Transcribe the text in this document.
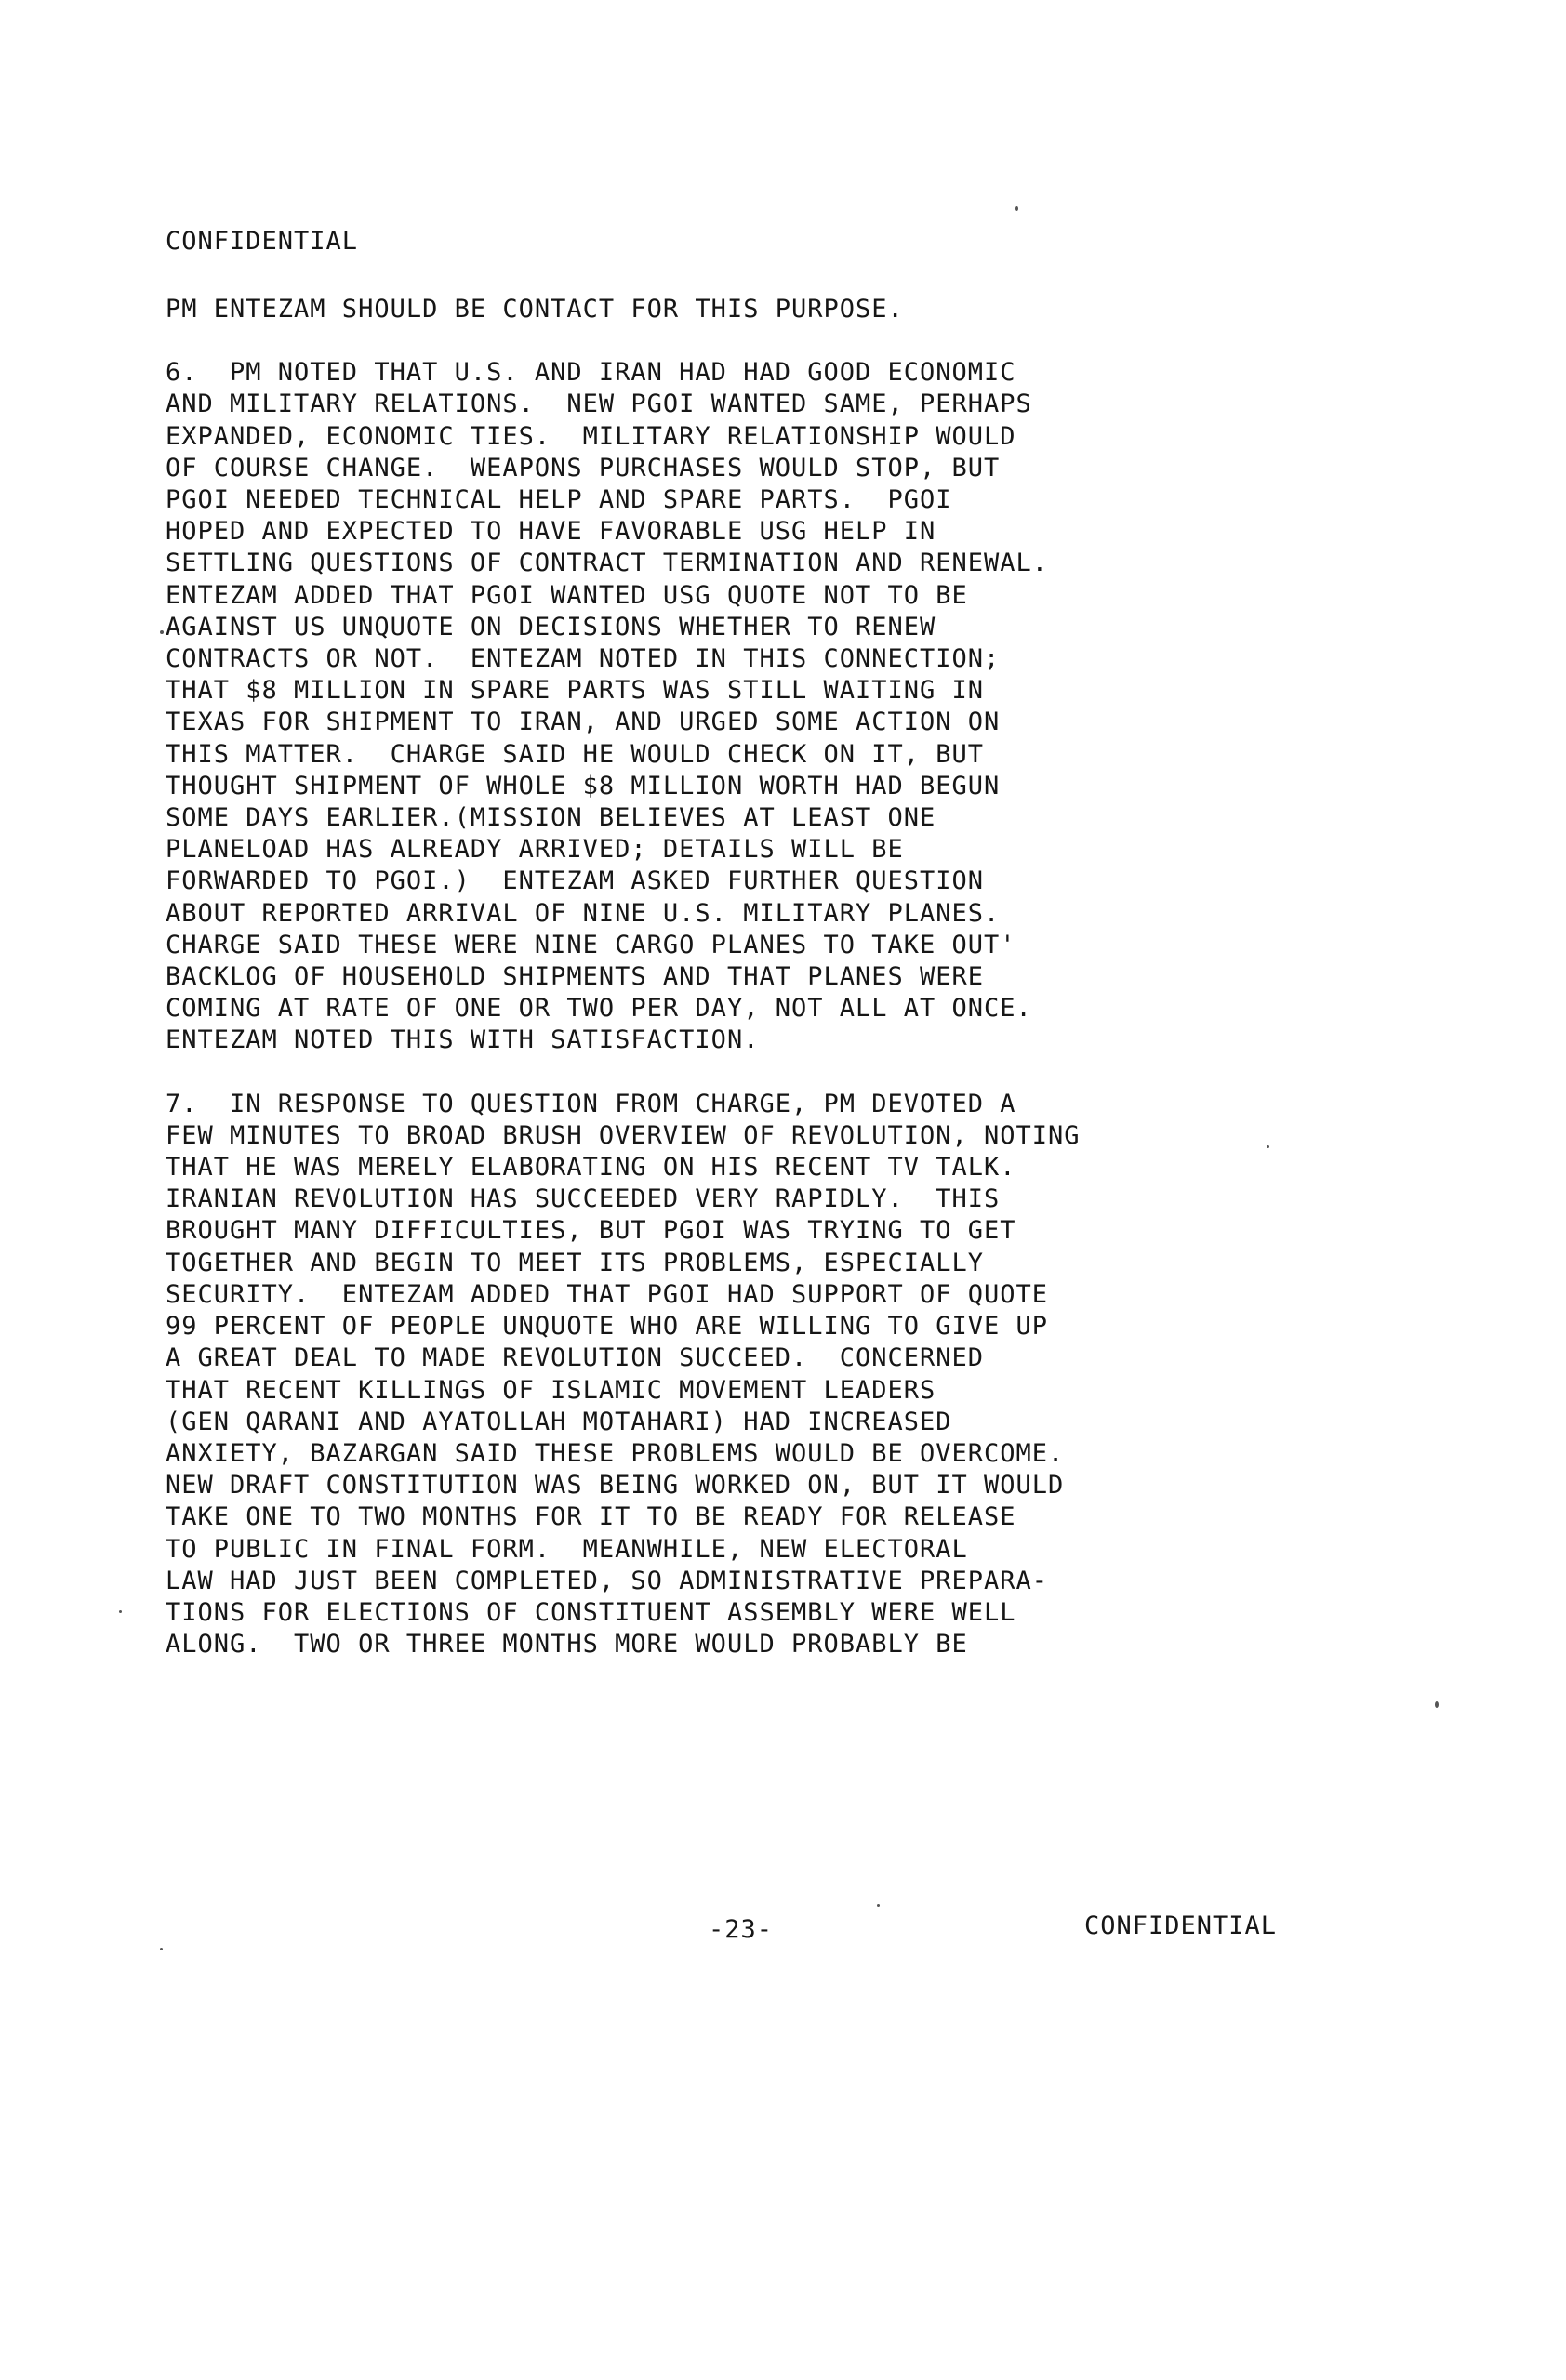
CONFIDENTIAL
PM ENTEZAM SHOULD BE CONTACT FOR THIS PURPOSE.
6.  PM NOTED THAT U.S. AND IRAN HAD HAD GOOD ECONOMIC
AND MILITARY RELATIONS.  NEW PGOI WANTED SAME, PERHAPS
EXPANDED, ECONOMIC TIES.  MILITARY RELATIONSHIP WOULD
OF COURSE CHANGE.  WEAPONS PURCHASES WOULD STOP, BUT
PGOI NEEDED TECHNICAL HELP AND SPARE PARTS.  PGOI
HOPED AND EXPECTED TO HAVE FAVORABLE USG HELP IN
SETTLING QUESTIONS OF CONTRACT TERMINATION AND RENEWAL.
ENTEZAM ADDED THAT PGOI WANTED USG QUOTE NOT TO BE
AGAINST US UNQUOTE ON DECISIONS WHETHER TO RENEW
CONTRACTS OR NOT.  ENTEZAM NOTED IN THIS CONNECTION;
THAT $8 MILLION IN SPARE PARTS WAS STILL WAITING IN
TEXAS FOR SHIPMENT TO IRAN, AND URGED SOME ACTION ON
THIS MATTER.  CHARGE SAID HE WOULD CHECK ON IT, BUT
THOUGHT SHIPMENT OF WHOLE $8 MILLION WORTH HAD BEGUN
SOME DAYS EARLIER.(MISSION BELIEVES AT LEAST ONE
PLANELOAD HAS ALREADY ARRIVED; DETAILS WILL BE
FORWARDED TO PGOI.)  ENTEZAM ASKED FURTHER QUESTION
ABOUT REPORTED ARRIVAL OF NINE U.S. MILITARY PLANES.
CHARGE SAID THESE WERE NINE CARGO PLANES TO TAKE OUT'
BACKLOG OF HOUSEHOLD SHIPMENTS AND THAT PLANES WERE
COMING AT RATE OF ONE OR TWO PER DAY, NOT ALL AT ONCE.
ENTEZAM NOTED THIS WITH SATISFACTION.
7.  IN RESPONSE TO QUESTION FROM CHARGE, PM DEVOTED A
FEW MINUTES TO BROAD BRUSH OVERVIEW OF REVOLUTION, NOTING
THAT HE WAS MERELY ELABORATING ON HIS RECENT TV TALK.
IRANIAN REVOLUTION HAS SUCCEEDED VERY RAPIDLY.  THIS
BROUGHT MANY DIFFICULTIES, BUT PGOI WAS TRYING TO GET
TOGETHER AND BEGIN TO MEET ITS PROBLEMS, ESPECIALLY
SECURITY.  ENTEZAM ADDED THAT PGOI HAD SUPPORT OF QUOTE
99 PERCENT OF PEOPLE UNQUOTE WHO ARE WILLING TO GIVE UP
A GREAT DEAL TO MADE REVOLUTION SUCCEED.  CONCERNED
THAT RECENT KILLINGS OF ISLAMIC MOVEMENT LEADERS
(GEN QARANI AND AYATOLLAH MOTAHARI) HAD INCREASED
ANXIETY, BAZARGAN SAID THESE PROBLEMS WOULD BE OVERCOME.
NEW DRAFT CONSTITUTION WAS BEING WORKED ON, BUT IT WOULD
TAKE ONE TO TWO MONTHS FOR IT TO BE READY FOR RELEASE
TO PUBLIC IN FINAL FORM.  MEANWHILE, NEW ELECTORAL
LAW HAD JUST BEEN COMPLETED, SO ADMINISTRATIVE PREPARA-
TIONS FOR ELECTIONS OF CONSTITUENT ASSEMBLY WERE WELL
ALONG.  TWO OR THREE MONTHS MORE WOULD PROBABLY BE
-23-	CONFIDENTIAL
